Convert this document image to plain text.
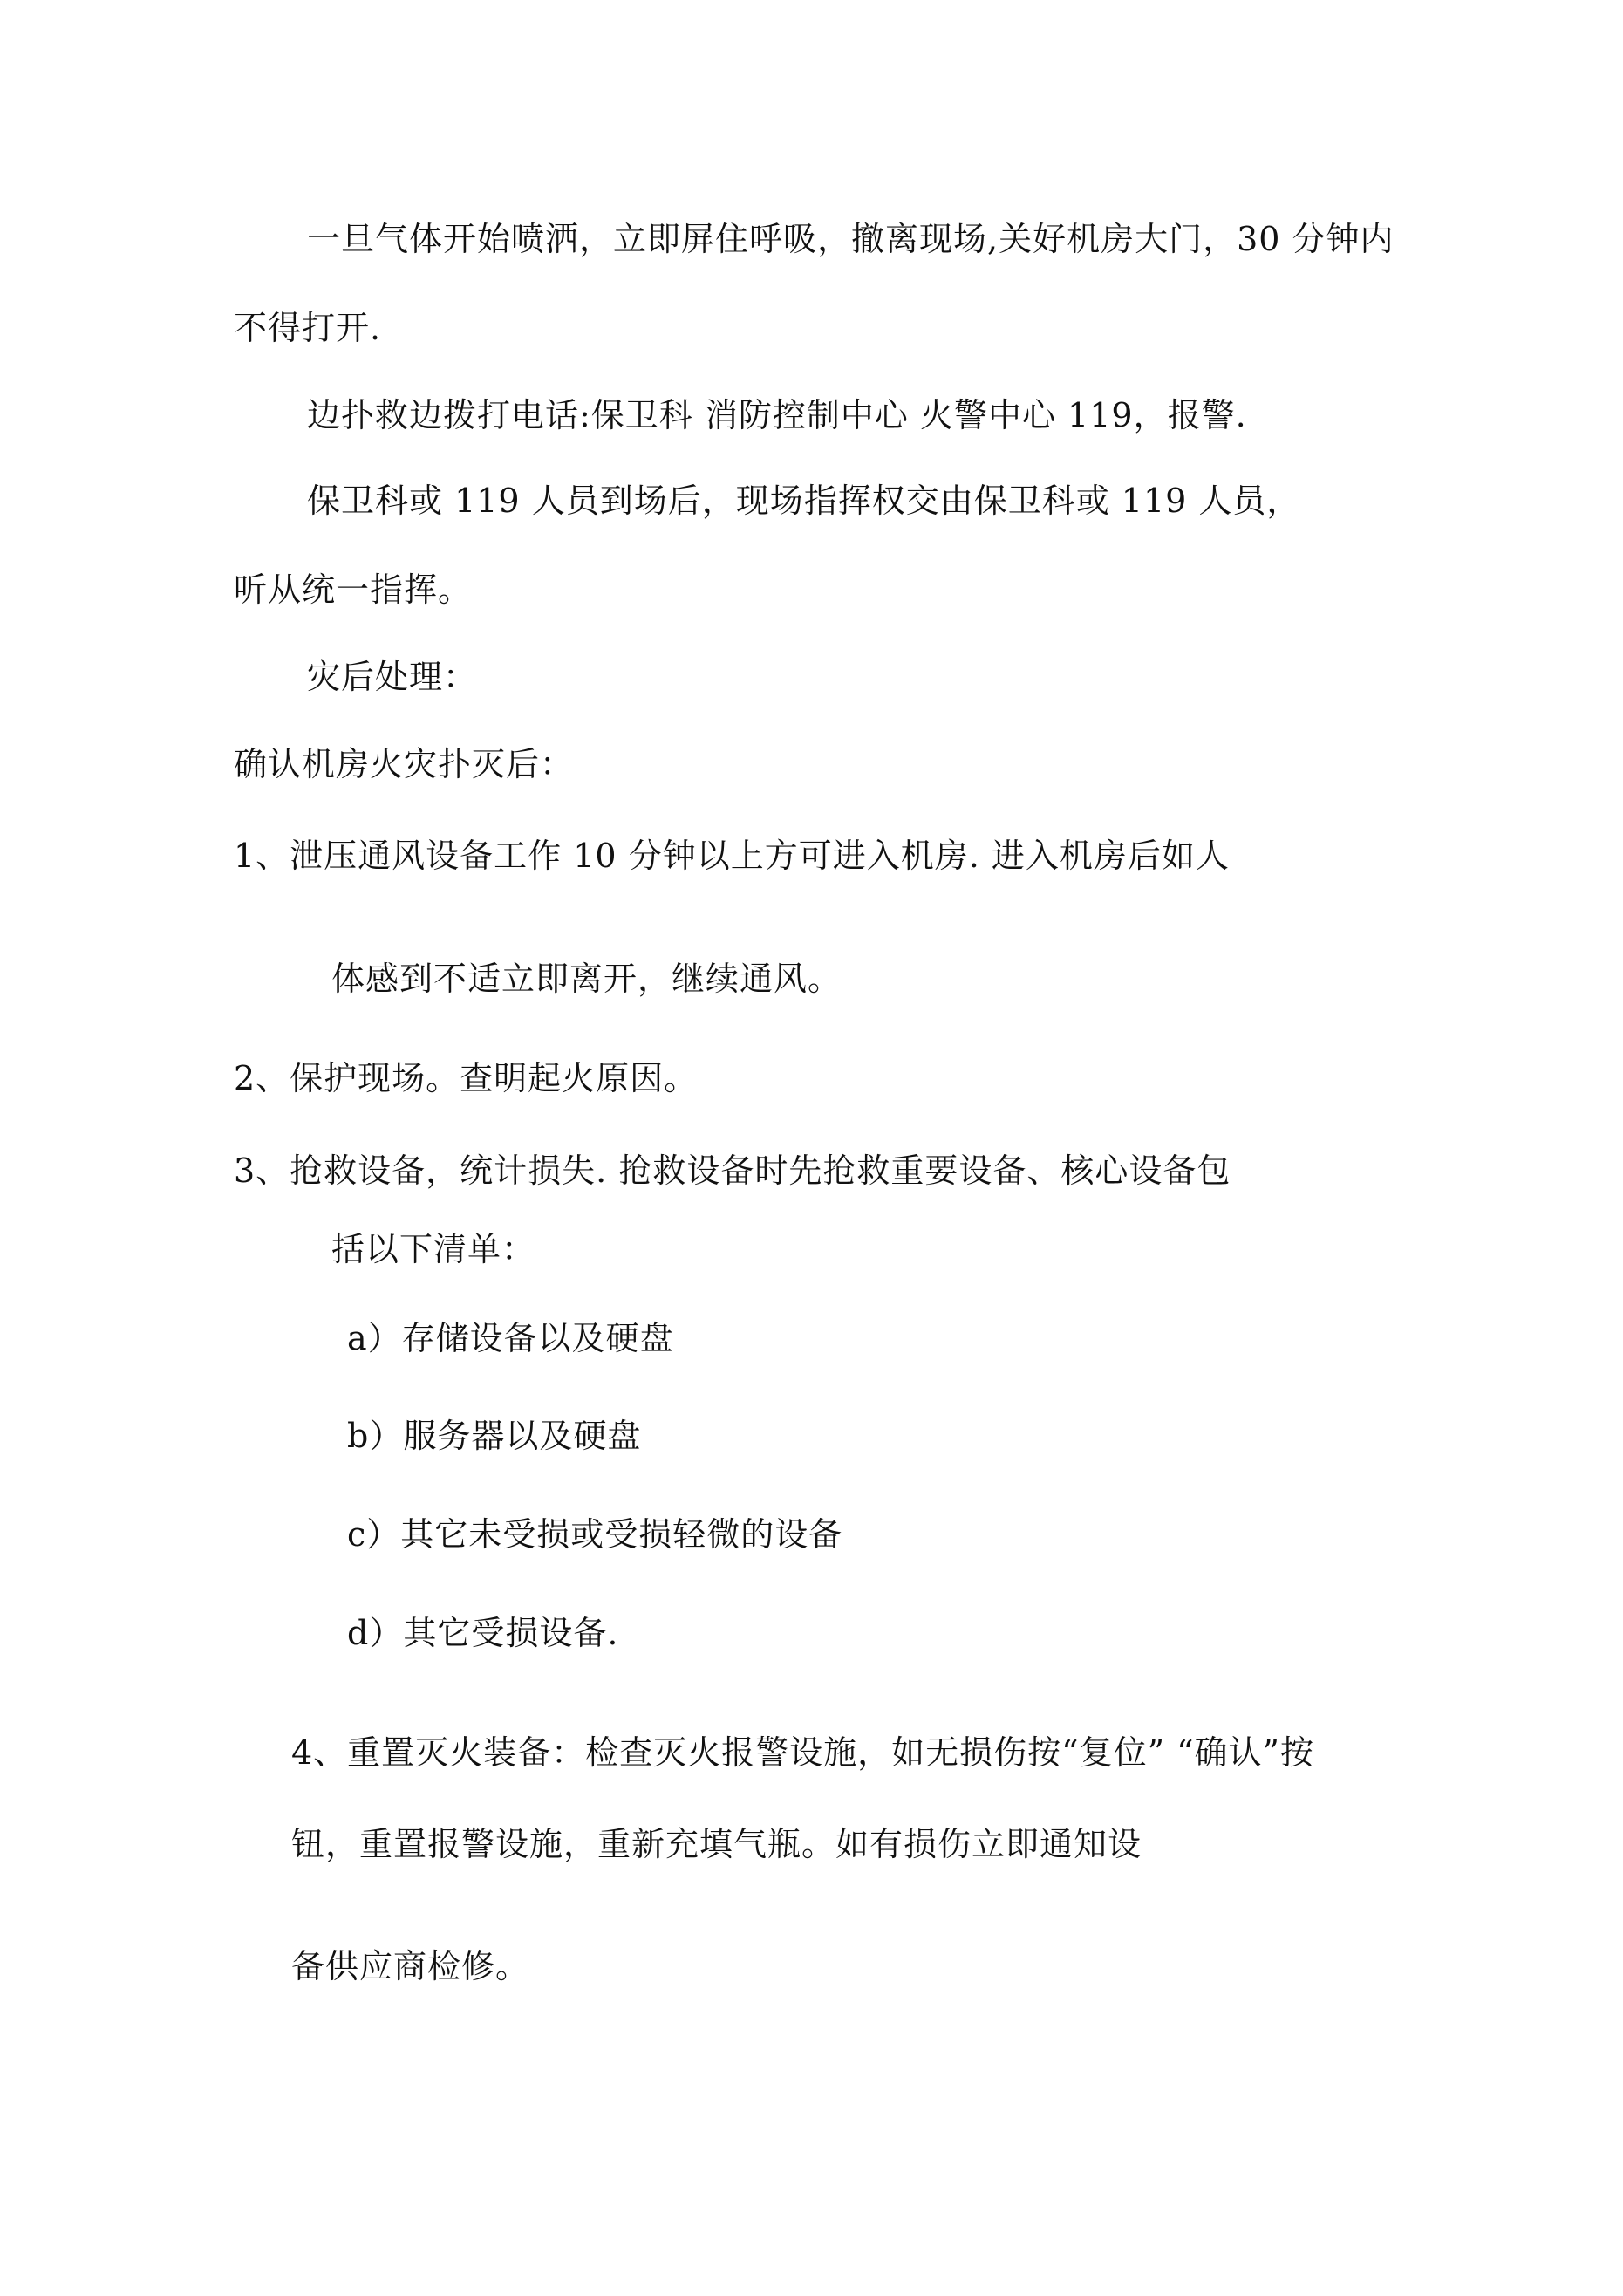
一旦气体开始喷洒，立即屏住呼吸，撤离现场,关好机房大门，30 分钟内
不得打开.
边扑救边拨打电话:保卫科 消防控制中心 火警中心 119，报警.
保卫科或 119 人员到场后，现场指挥权交由保卫科或 119 人员，
听从统一指挥。
灾后处理：
确认机房火灾扑灭后：
1、泄压通风设备工作 10 分钟以上方可进入机房. 进入机房后如人
体感到不适立即离开，继续通风。
2、保护现场。查明起火原因。
3、抢救设备，统计损失. 抢救设备时先抢救重要设备、核心设备包
括以下清单：
a）存储设备以及硬盘
b）服务器以及硬盘
c）其它未受损或受损轻微的设备
d）其它受损设备.
4、重置灭火装备：检查灭火报警设施，如无损伤按“复位” “确认”按
钮，重置报警设施，重新充填气瓶。如有损伤立即通知设
备供应商检修。
